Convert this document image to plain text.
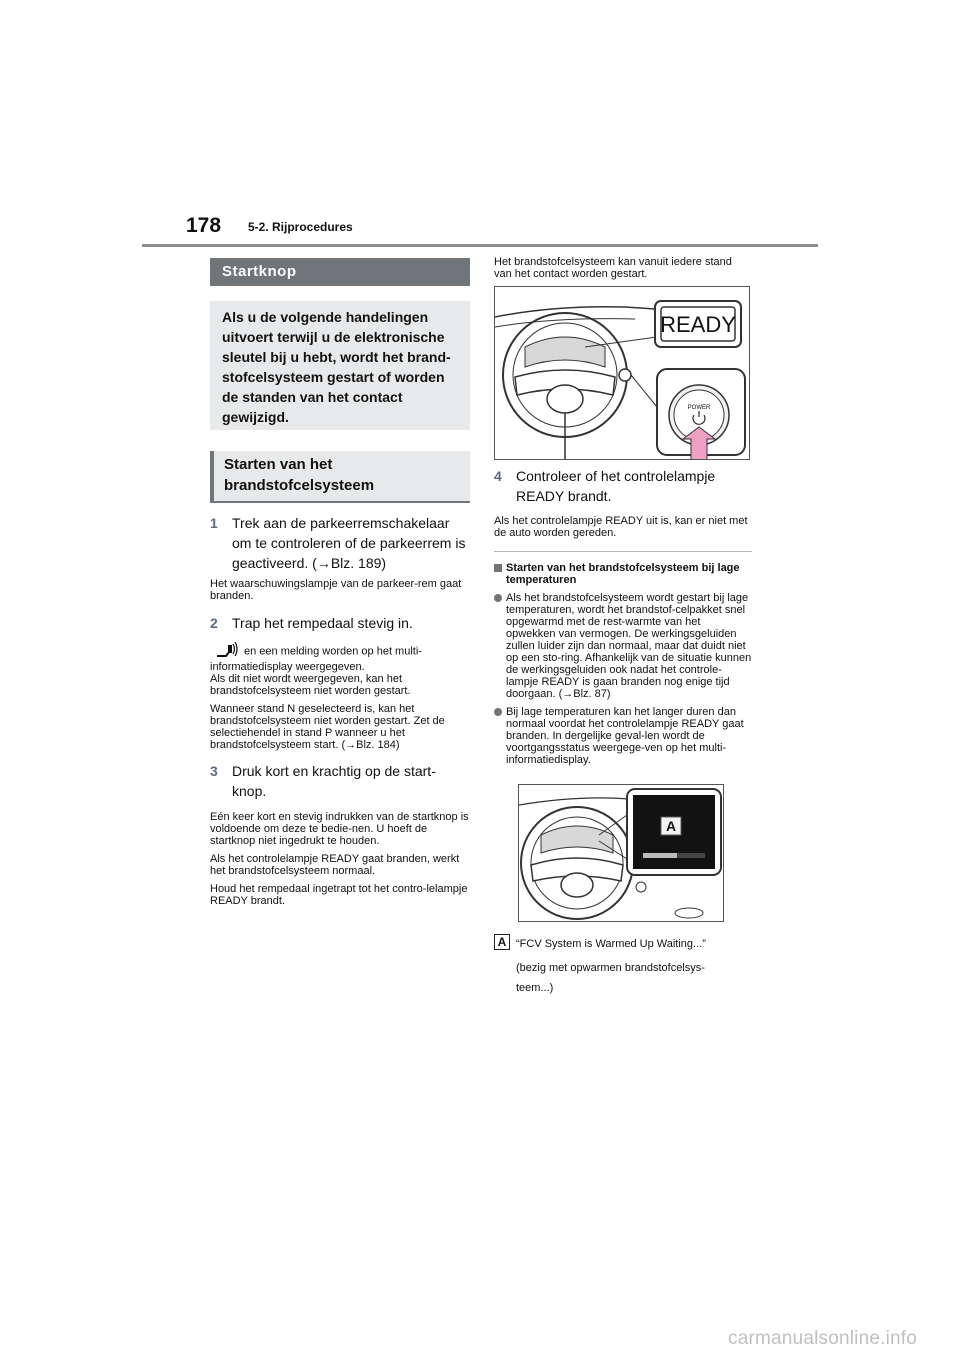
178 5-2. Rijprocedures
Startknop
Als u de volgende handelingen uitvoert terwijl u de elektronische sleutel bij u hebt, wordt het brand-stofcelsysteem gestart of worden de standen van het contact gewijzigd.
Starten van het brandstofcelsysteem
1	Trek aan de parkeerremschakelaar om te controleren of de parkeerrem is geactiveerd. (→Blz. 189)
Het waarschuwingslampje van de parkeer-rem gaat branden.
2	Trap het rempedaal stevig in.
en een melding worden op het multi-informatiedisplay weergegeven.
Als dit niet wordt weergegeven, kan het brandstofcelsysteem niet worden gestart.
Wanneer stand N geselecteerd is, kan het brandstofcelsysteem niet worden gestart. Zet de selectiehendel in stand P wanneer u het brandstofcelsysteem start. (→Blz. 184)
3	Druk kort en krachtig op de start-knop.
Eén keer kort en stevig indrukken van de startknop is voldoende om deze te bedie-nen. U hoeft de startknop niet ingedrukt te houden.
Als het controlelampje READY gaat branden, werkt het brandstofcelsysteem normaal.
Houd het rempedaal ingetrapt tot het contro-lelampje READY brandt.
Het brandstofcelsysteem kan vanuit iedere stand van het contact worden gestart.
READY
POWER
4	Controleer of het controlelampje READY brandt.
Als het controlelampje READY uit is, kan er niet met de auto worden gereden.
Starten van het brandstofcelsysteem bij lage temperaturen
Als het brandstofcelsysteem wordt gestart bij lage temperaturen, wordt het brandstof-celpakket snel opgewarmd met de rest-warmte van het opwekken van vermogen. De werkingsgeluiden zullen luider zijn dan normaal, maar dat duidt niet op een sto-ring. Afhankelijk van de situatie kunnen de werkingsgeluiden ook nadat het controle-lampje READY is gaan branden nog enige tijd doorgaan. (→Blz. 87)
Bij lage temperaturen kan het langer duren dan normaal voordat het controlelampje READY gaat branden. In dergelijke geval-len wordt de voortgangsstatus weergege-ven op het multi-informatiedisplay.
A
A “FCV System is Warmed Up Waiting...”

(bezig met opwarmen brandstofcelsys-teem...)

carmanualsonline.info
